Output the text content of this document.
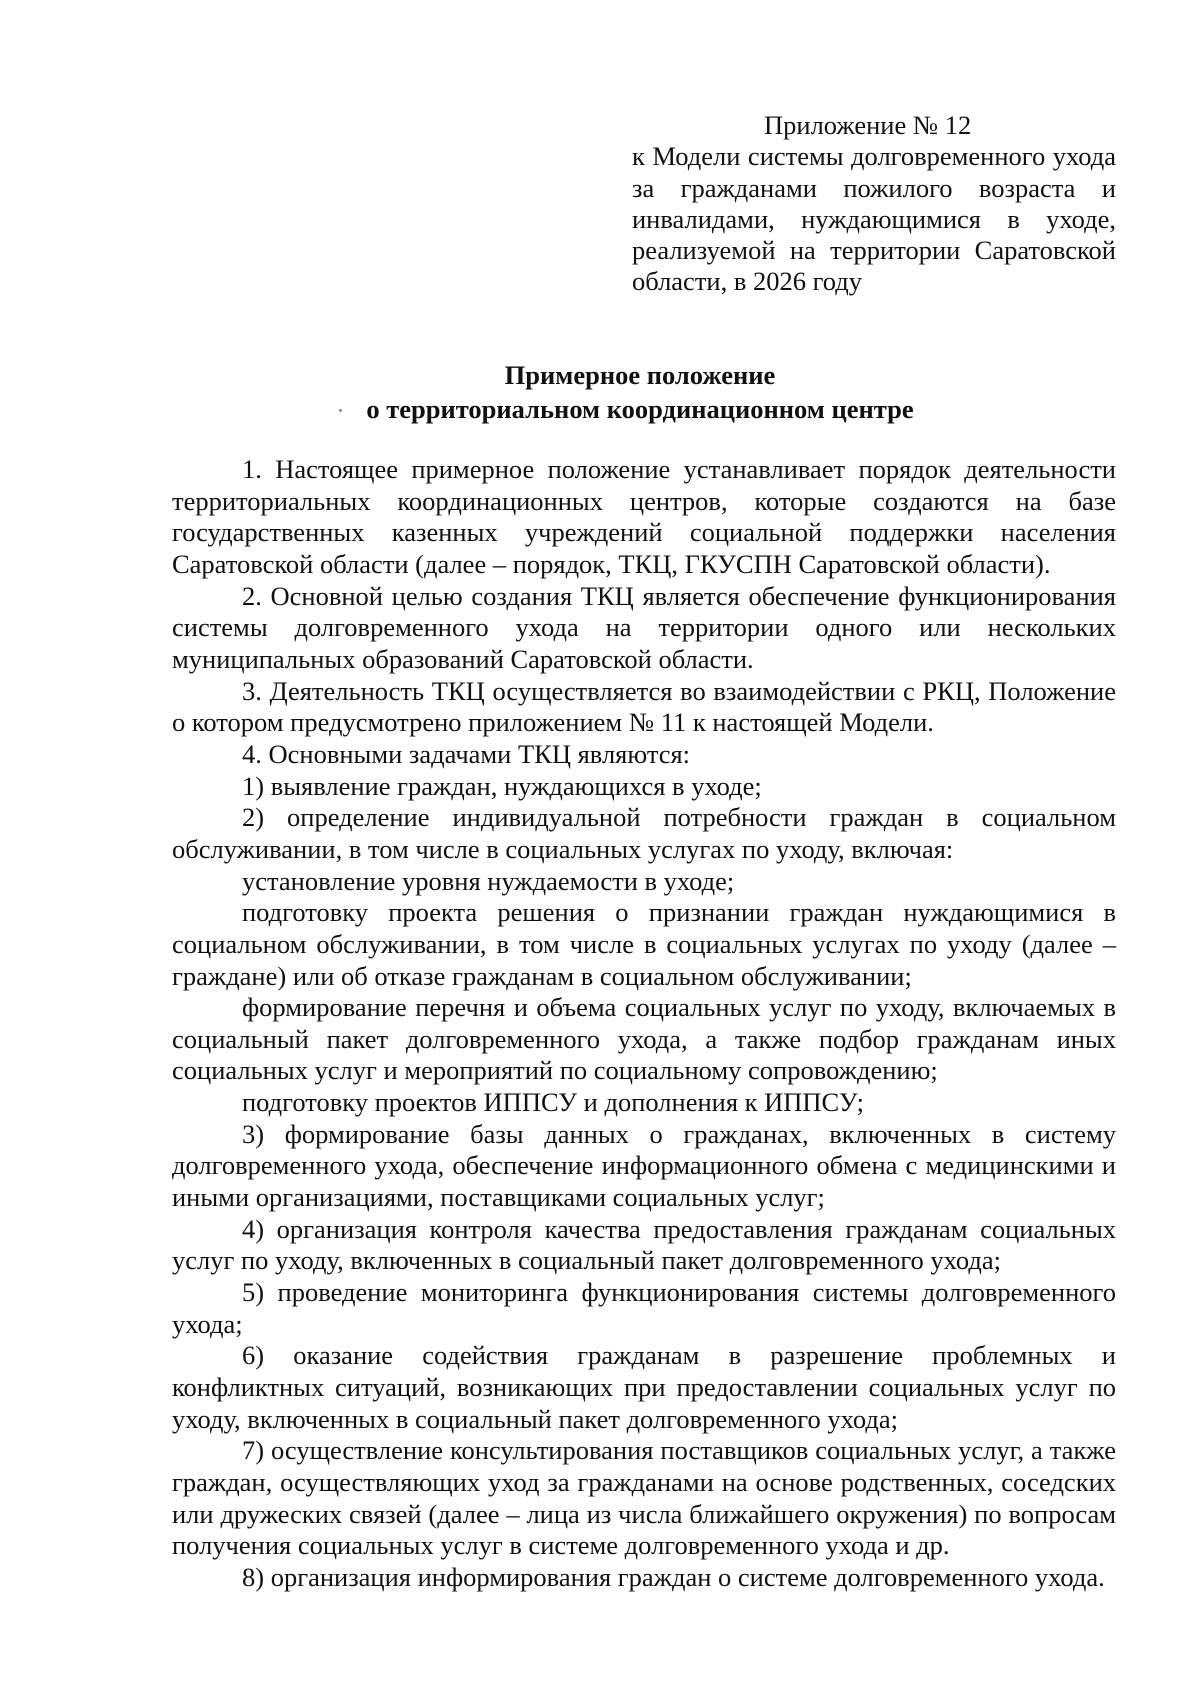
Приложение № 12
к Модели системы долговременного ухода за гражданами пожилого возраста и инвалидами, нуждающимися в уходе, реализуемой на территории Саратовской области, в 2026 году
Примерное положение
о территориальном координационном центре

1. Настоящее примерное положение устанавливает порядок деятельности территориальных координационных центров, которые создаются на базе государственных казенных учреждений социальной поддержки населения Саратовской области (далее – порядок, ТКЦ, ГКУСПН Саратовской области).

2. Основной целью создания ТКЦ является обеспечение функционирования системы долговременного ухода на территории одного или нескольких муниципальных образований Саратовской области.

3. Деятельность ТКЦ осуществляется во взаимодействии с РКЦ, Положение о котором предусмотрено приложением № 11 к настоящей Модели.

4. Основными задачами ТКЦ являются:

1) выявление граждан, нуждающихся в уходе;

2) определение индивидуальной потребности граждан в социальном обслуживании, в том числе в социальных услугах по уходу, включая:

установление уровня нуждаемости в уходе;

подготовку проекта решения о признании граждан нуждающимися в социальном обслуживании, в том числе в социальных услугах по уходу (далее – граждане) или об отказе гражданам в социальном обслуживании;

формирование перечня и объема социальных услуг по уходу, включаемых в социальный пакет долговременного ухода, а также подбор гражданам иных социальных услуг и мероприятий по социальному сопровождению;

подготовку проектов ИППСУ и дополнения к ИППСУ;

3) формирование базы данных о гражданах, включенных в систему долговременного ухода, обеспечение информационного обмена с медицинскими и иными организациями, поставщиками социальных услуг;

4) организация контроля качества предоставления гражданам социальных услуг по уходу, включенных в социальный пакет долговременного ухода;

5) проведение мониторинга функционирования системы долговременного ухода;

6) оказание содействия гражданам в разрешение проблемных и конфликтных ситуаций, возникающих при предоставлении социальных услуг по уходу, включенных в социальный пакет долговременного ухода;

7) осуществление консультирования поставщиков социальных услуг, а также граждан, осуществляющих уход за гражданами на основе родственных, соседских или дружеских связей (далее – лица из числа ближайшего окружения) по вопросам получения социальных услуг в системе долговременного ухода и др.

8) организация информирования граждан о системе долговременного ухода.
